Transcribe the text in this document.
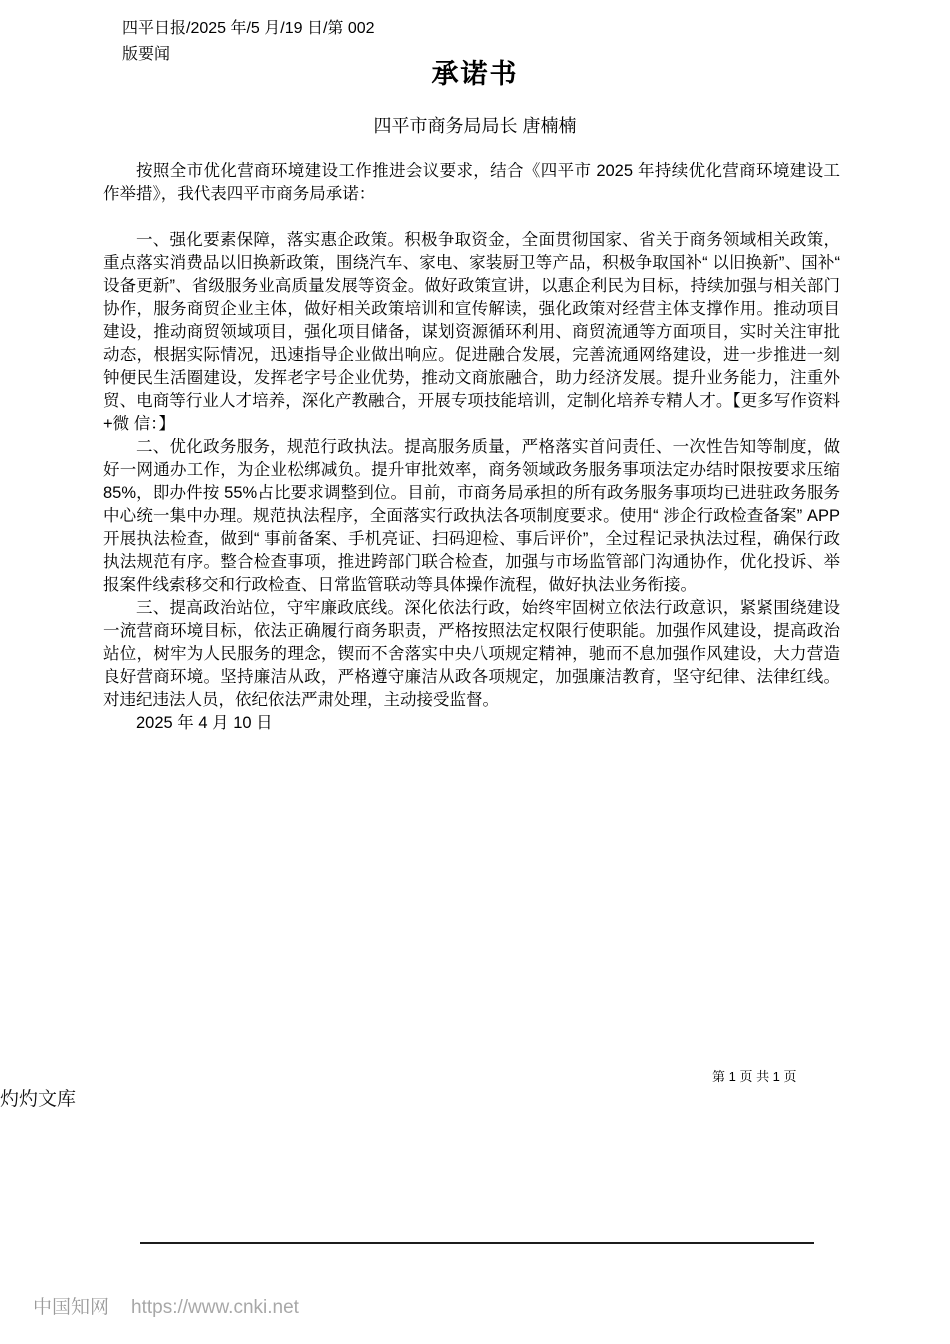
四平日报/2025 年/5 月/19 日/第 002
版要闻
承诺书
四平市商务局局长 唐楠楠

按照全市优化营商环境建设工作推进会议要求，结合《四平市 2025 年持续优化营商环境建设工作举措》，我代表四平市商务局承诺：

一、强化要素保障，落实惠企政策。积极争取资金，全面贯彻国家、省关于商务领域相关政策，重点落实消费品以旧换新政策，围绕汽车、家电、家装厨卫等产品，积极争取国补“ 以旧换新”、国补“ 设备更新”、省级服务业高质量发展等资金。做好政策宣讲，以惠企利民为目标，持续加强与相关部门协作，服务商贸企业主体，做好相关政策培训和宣传解读，强化政策对经营主体支撑作用。推动项目建设，推动商贸领域项目，强化项目储备，谋划资源循环利用、商贸流通等方面项目，实时关注审批动态，根据实际情况，迅速指导企业做出响应。促进融合发展，完善流通网络建设，进一步推进一刻钟便民生活圈建设，发挥老字号企业优势，推动文商旅融合，助力经济发展。提升业务能力，注重外贸、电商等行业人才培养，深化产教融合，开展专项技能培训，定制化培养专精人才。【更多写作资料+微 信：】

二、优化政务服务，规范行政执法。提高服务质量，严格落实首问责任、一次性告知等制度，做好一网通办工作，为企业松绑减负。提升审批效率，商务领域政务服务事项法定办结时限按要求压缩 85%，即办件按 55%占比要求调整到位。目前，市商务局承担的所有政务服务事项均已进驻政务服务中心统一集中办理。规范执法程序，全面落实行政执法各项制度要求。使用“ 涉企行政检查备案” APP 开展执法检查，做到“ 事前备案、手机亮证、扫码迎检、事后评价”，全过程记录执法过程，确保行政执法规范有序。整合检查事项，推进跨部门联合检查，加强与市场监管部门沟通协作，优化投诉、举报案件线索移交和行政检查、日常监管联动等具体操作流程，做好执法业务衔接。

三、提高政治站位，守牢廉政底线。深化依法行政，始终牢固树立依法行政意识，紧紧围绕建设一流营商环境目标，依法正确履行商务职责，严格按照法定权限行使职能。加强作风建设，提高政治站位，树牢为人民服务的理念，锲而不舍落实中央八项规定精神，驰而不息加强作风建设，大力营造良好营商环境。坚持廉洁从政，严格遵守廉洁从政各项规定，加强廉洁教育，坚守纪律、法律红线。对违纪违法人员，依纪依法严肃处理，主动接受监督。

2025 年 4 月 10 日

第 1 页 共 1 页
灼灼文库
中国知网 https://www.cnki.net
